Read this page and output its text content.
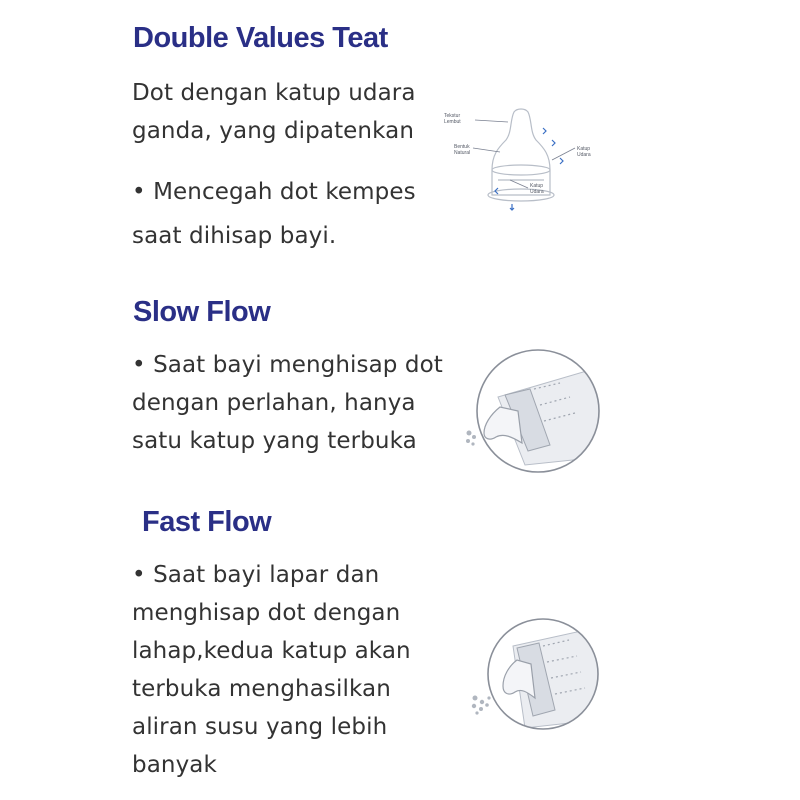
Double Values Teat

Dot dengan katup udara
ganda, yang dipatenkan

• Mencegah dot kempes
saat dihisap bayi.

Tekstur
Lembut
Bentuk
Natural
Katup
Udara
Katup
Udara
Slow Flow

• Saat bayi menghisap dot
dengan perlahan, hanya
satu katup yang terbuka

Fast Flow

• Saat bayi lapar dan
menghisap dot dengan
lahap,kedua katup akan
terbuka menghasilkan
aliran susu yang lebih
banyak
